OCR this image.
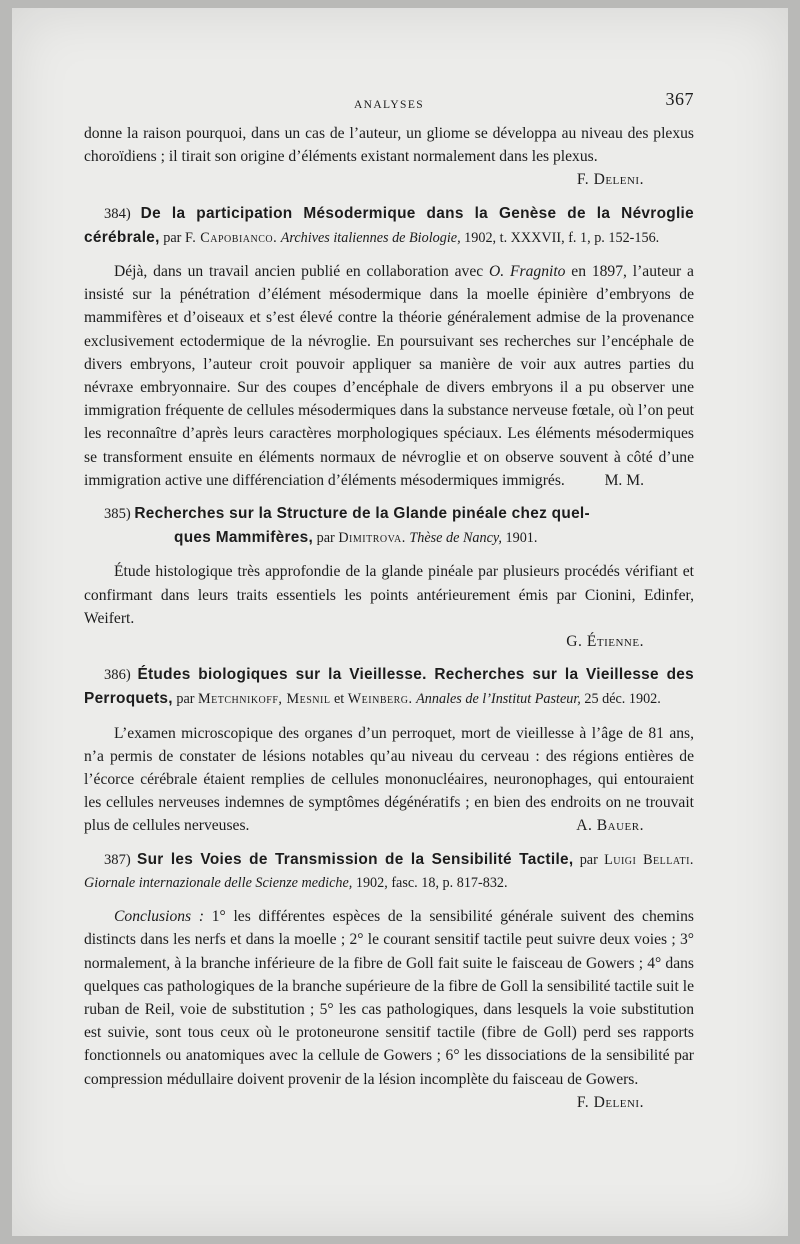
ANALYSES	367

donne la raison pourquoi, dans un cas de l’auteur, un gliome se développa au niveau des plexus choroïdiens ; il tirait son origine d’éléments existant normalement dans les plexus.
F. Deleni.

384) De la participation Mésodermique dans la Genèse de la Névroglie cérébrale, par F. Capobianco. Archives italiennes de Biologie, 1902, t. XXXVII, f. 1, p. 152-156.

Déjà, dans un travail ancien publié en collaboration avec O. Fragnito en 1897, l’auteur a insisté sur la pénétration d’élément mésodermique dans la moelle épinière d’embryons de mammifères et d’oiseaux et s’est élevé contre la théorie généralement admise de la provenance exclusivement ectodermique de la névroglie. En poursuivant ses recherches sur l’encéphale de divers embryons, l’auteur croit pouvoir appliquer sa manière de voir aux autres parties du névraxe embryonnaire. Sur des coupes d’encéphale de divers embryons il a pu observer une immigration fréquente de cellules mésodermiques dans la substance nerveuse fœtale, où l’on peut les reconnaître d’après leurs caractères morphologiques spéciaux. Les éléments mésodermiques se transforment ensuite en éléments normaux de névroglie et on observe souvent à côté d’une immigration active une différenciation d’éléments mésodermiques immigrés.	M. M.

385) Recherches sur la Structure de la Glande pinéale chez quel-

ques Mammifères, par Dimitrova. Thèse de Nancy, 1901.

Étude histologique très approfondie de la glande pinéale par plusieurs procédés vérifiant et confirmant dans leurs traits essentiels les points antérieurement émis par Cionini, Edinfer, Weifert.

G. Étienne.

386) Études biologiques sur la Vieillesse. Recherches sur la Vieillesse des Perroquets, par Metchnikoff, Mesnil et Weinberg. Annales de l’Institut Pasteur, 25 déc. 1902.

L’examen microscopique des organes d’un perroquet, mort de vieillesse à l’âge de 81 ans, n’a permis de constater de lésions notables qu’au niveau du cerveau : des régions entières de l’écorce cérébrale étaient remplies de cellules mononucléaires, neuronophages, qui entouraient les cellules nerveuses indemnes de symptômes dégénératifs ; en bien des endroits on ne trouvait plus de cellules nerveuses.	A. Bauer.

387) Sur les Voies de Transmission de la Sensibilité Tactile, par Luigi Bellati. Giornale internazionale delle Scienze mediche, 1902, fasc. 18, p. 817-832.

Conclusions : 1° les différentes espèces de la sensibilité générale suivent des chemins distincts dans les nerfs et dans la moelle ; 2° le courant sensitif tactile peut suivre deux voies ; 3° normalement, à la branche inférieure de la fibre de Goll fait suite le faisceau de Gowers ; 4° dans quelques cas pathologiques de la branche supérieure de la fibre de Goll la sensibilité tactile suit le ruban de Reil, voie de substitution ; 5° les cas pathologiques, dans lesquels la voie substitution est suivie, sont tous ceux où le protoneurone sensitif tactile (fibre de Goll) perd ses rapports fonctionnels ou anatomiques avec la cellule de Gowers ; 6° les dissociations de la sensibilité par compression médullaire doivent provenir de la lésion incomplète du faisceau de Gowers.
F. Deleni.
